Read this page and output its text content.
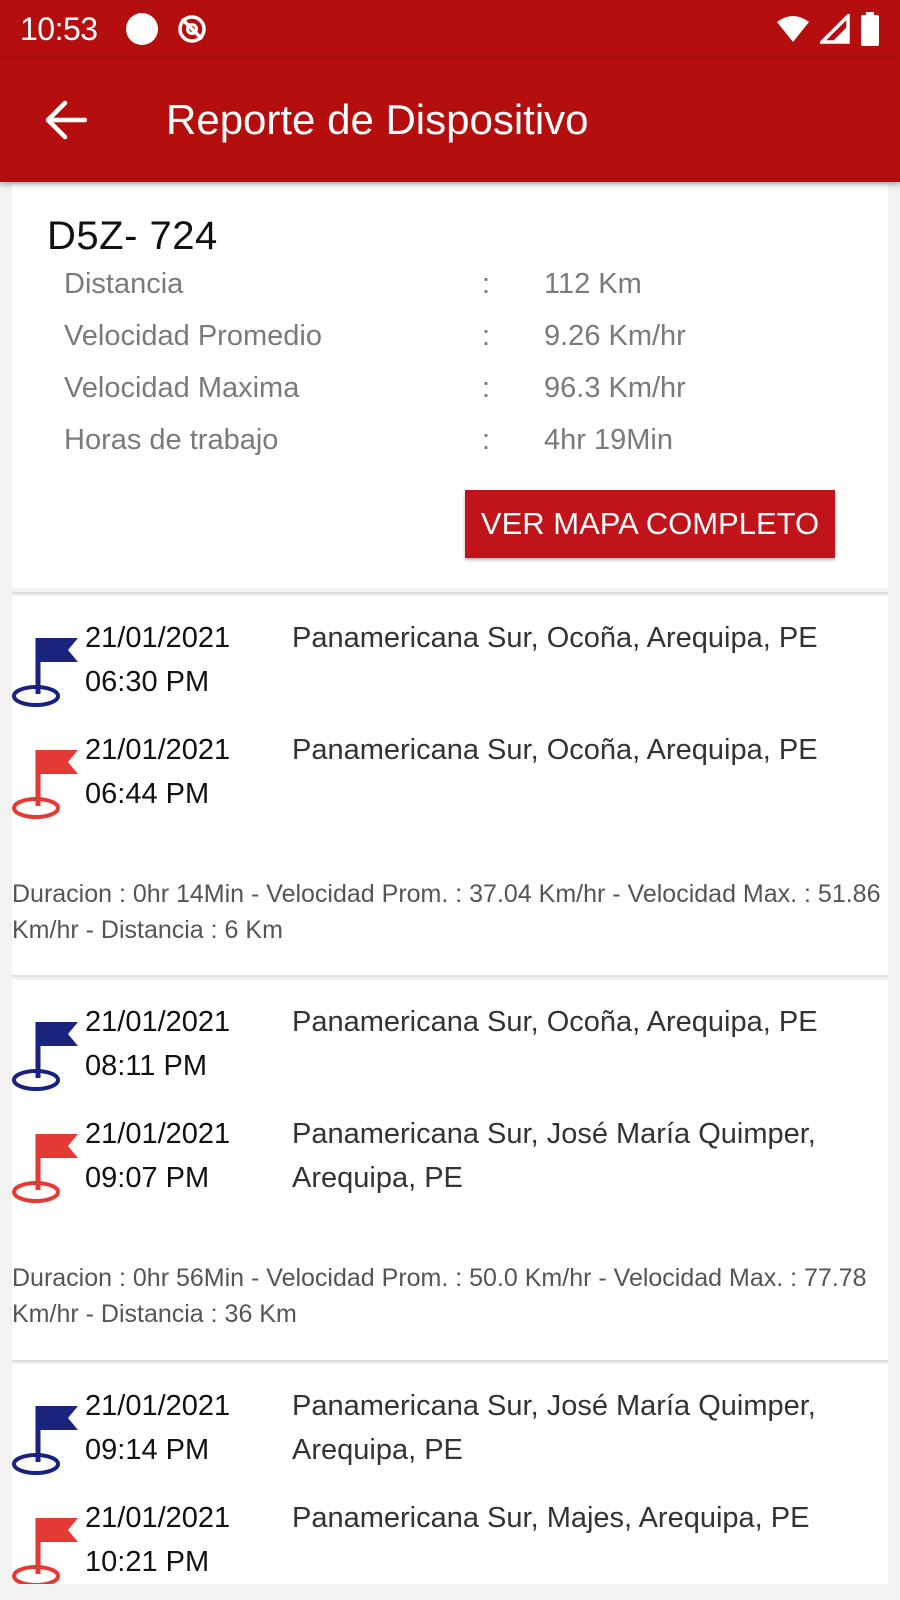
10:53
Reporte de Dispositivo
D5Z- 724
Distancia	: 112 Km
Velocidad Promedio	: 9.26 Km/hr
Velocidad Maxima	: 96.3 Km/hr
Horas de trabajo	: 4hr 19Min
VER MAPA COMPLETO
21/01/2021
06:30 PM
Panamericana Sur, Ocoña, Arequipa, PE
21/01/2021
06:44 PM
Panamericana Sur, Ocoña, Arequipa, PE
Duracion : 0hr 14Min - Velocidad Prom. : 37.04 Km/hr - Velocidad Max. : 51.86 Km/hr - Distancia : 6 Km
21/01/2021
08:11 PM
Panamericana Sur, Ocoña, Arequipa, PE
21/01/2021
09:07 PM
Panamericana Sur, José María Quimper, Arequipa, PE
Duracion : 0hr 56Min - Velocidad Prom. : 50.0 Km/hr - Velocidad Max. : 77.78 Km/hr - Distancia : 36 Km
21/01/2021
09:14 PM
Panamericana Sur, José María Quimper, Arequipa, PE
21/01/2021
10:21 PM
Panamericana Sur, Majes, Arequipa, PE
